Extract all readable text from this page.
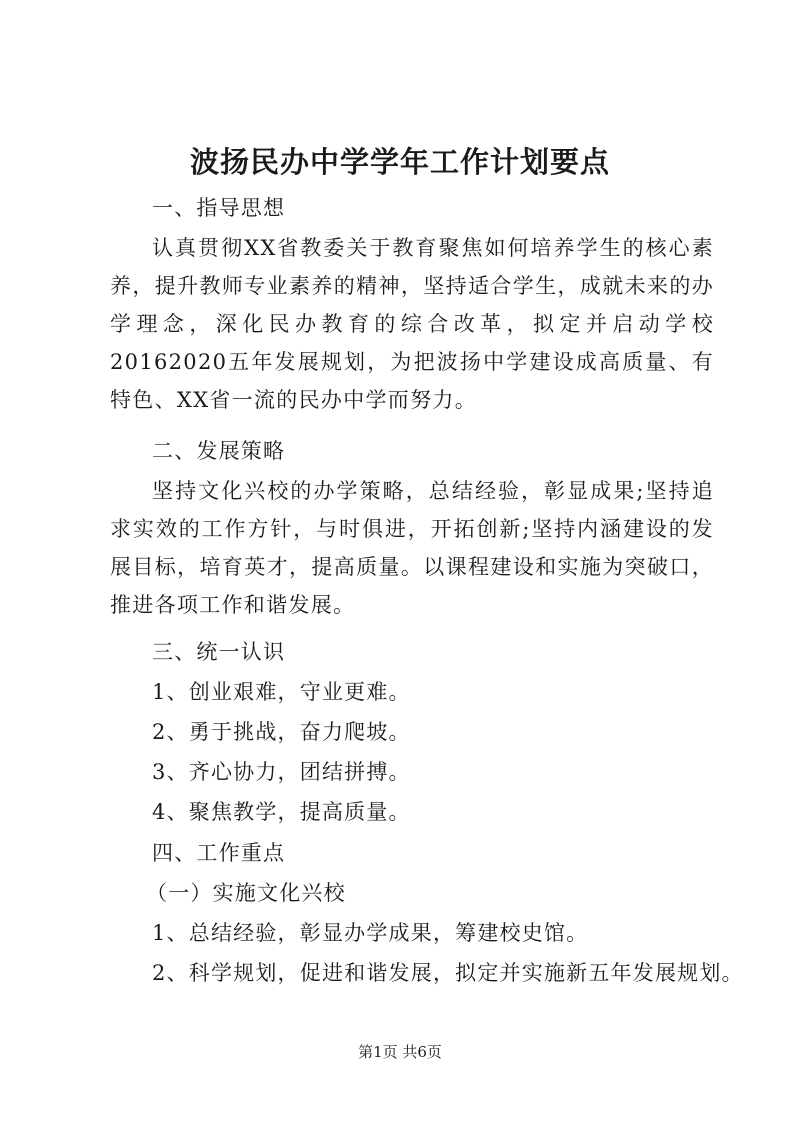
波扬民办中学学年工作计划要点
一、指导思想
认真贯彻XX省教委关于教育聚焦如何培养学生的核心素养，提升教师专业素养的精神，坚持适合学生，成就未来的办学理念，深化民办教育的综合改革，拟定并启动学校20162020五年发展规划，为把波扬中学建设成高质量、有特色、XX省一流的民办中学而努力。
二、发展策略
坚持文化兴校的办学策略，总结经验，彰显成果;坚持追求实效的工作方针，与时俱进，开拓创新;坚持内涵建设的发展目标，培育英才，提高质量。以课程建设和实施为突破口，推进各项工作和谐发展。
三、统一认识
1、创业艰难，守业更难。
2、勇于挑战，奋力爬坡。
3、齐心协力，团结拼搏。
4、聚焦教学，提高质量。
四、工作重点
（一）实施文化兴校
1、总结经验，彰显办学成果，筹建校史馆。
2、科学规划，促进和谐发展，拟定并实施新五年发展规划。
第1页 共6页
